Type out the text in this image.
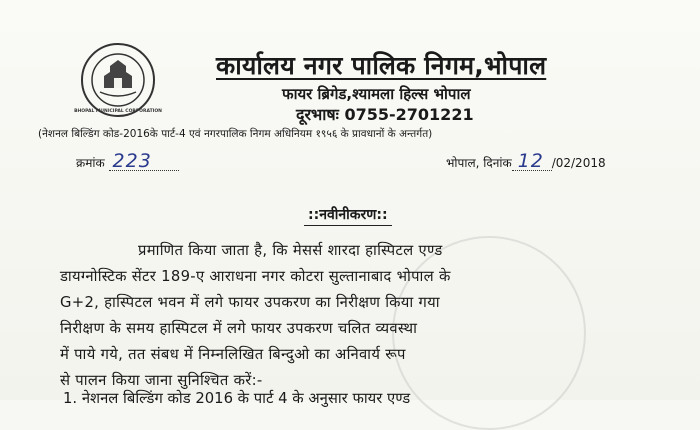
BHOPAL MUNICIPAL CORPORATION
कार्यालय नगर पालिक निगम,भोपाल
फायर ब्रिगेड,श्यामला हिल्स भोपाल
दूरभाषः 0755-2701221
(नेशनल बिल्डिंग कोड-2016के पार्ट-4 एवं नगरपालिक निगम अधिनियम १९५६ के प्रावधानों के अन्तर्गत)
क्रमांक 223	भोपाल, दिनांक 12 /02/2018
::नवीनीकरण::
प्रमाणित किया जाता है, कि मेसर्स शारदा हास्पिटल एण्ड
डायग्नोस्टिक सेंटर 189-ए आराधना नगर कोटरा सुल्तानाबाद भोपाल के
G+2, हास्पिटल भवन में लगे फायर उपकरण का निरीक्षण किया गया
निरीक्षण के समय हास्पिटल में लगे फायर उपकरण चलित व्यवस्था
में पाये गये, तत संबध में निम्नलिखित बिन्दुओ का अनिवार्य रूप
से पालन किया जाना सुनिश्चित करें:-
1. नेशनल बिल्डिंग कोड 2016 के पार्ट 4 के अनुसार फायर एण्ड
